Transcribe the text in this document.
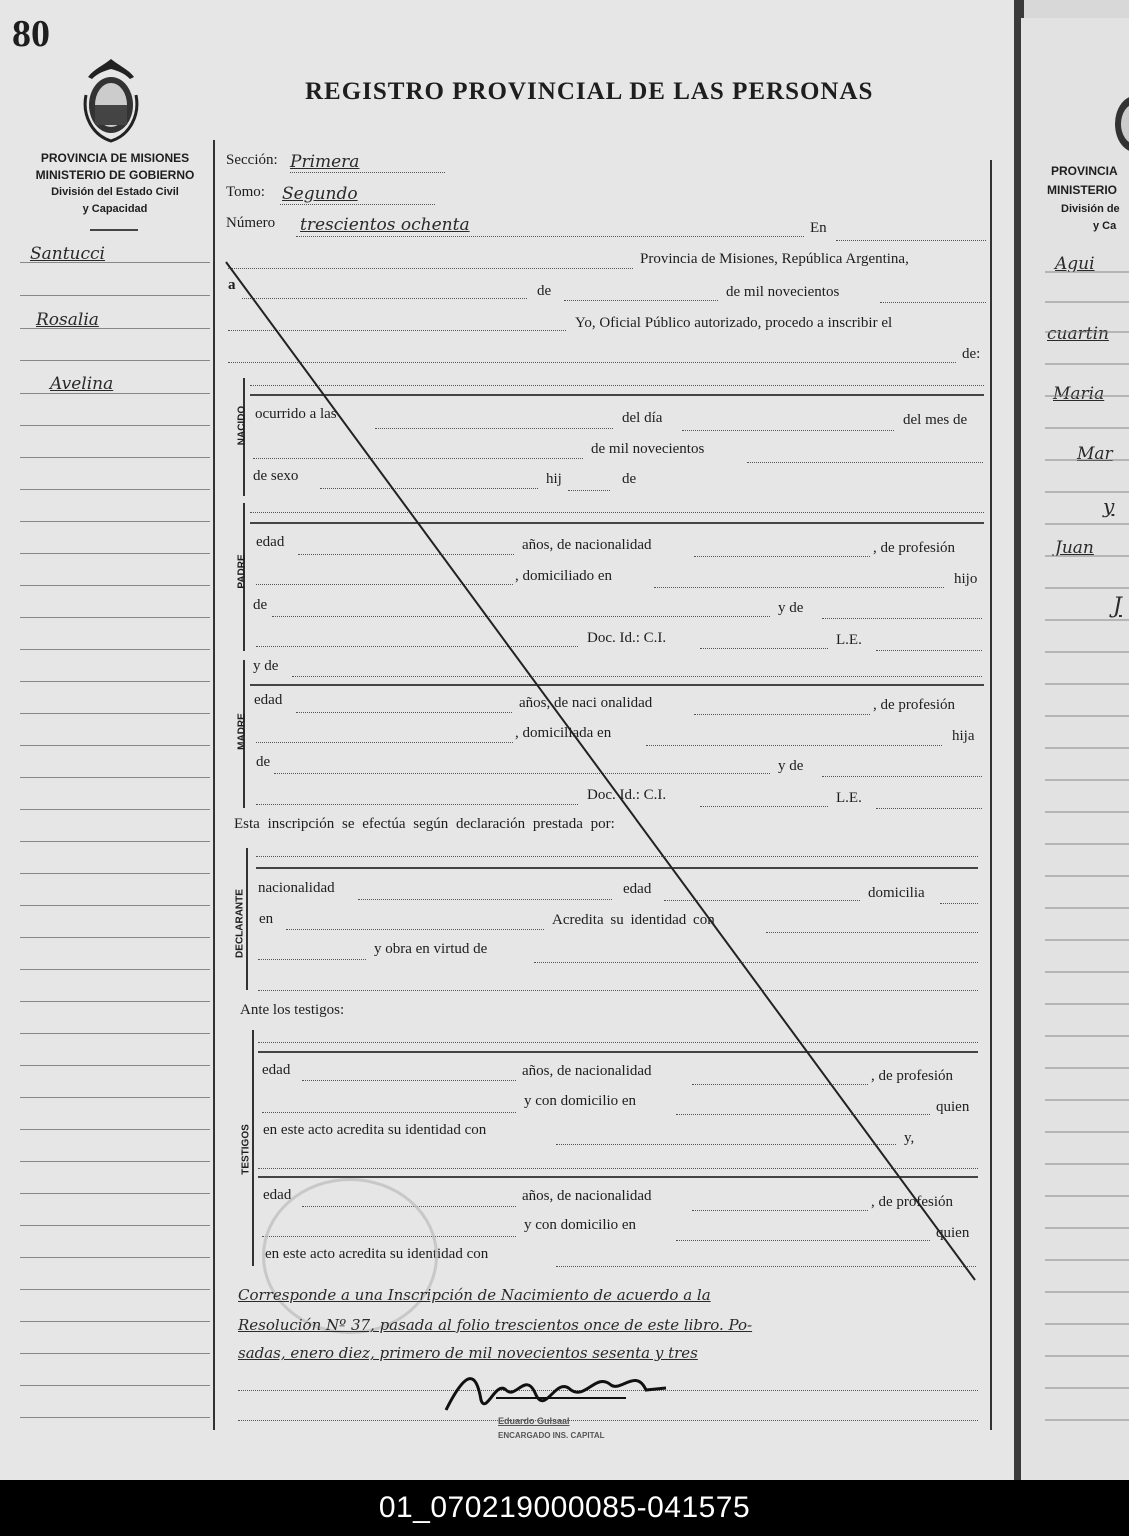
80
REGISTRO PROVINCIAL DE LAS PERSONAS
PROVINCIA DE MISIONES
MINISTERIO DE GOBIERNO
División del Estado Civil
y Capacidad
Santucci
Rosalia
Avelina
Sección: Primera
Tomo: Segundo
Número trescientos ochenta	En
Provincia de Misiones, República Argentina,
a	de	de mil novecientos
Yo, Oficial Público autorizado, procedo a inscribir el
de:
NACIDO ocurrido a las	del día	del mes de
de mil novecientos
de sexo	hij	de
PADRE
edad	años, de nacionalidad	, de profesión
, domiciliado en	hijo
de	y de
Doc. Id.: C.I.	L.E.
MADRE
y de
edad	años, de naci onalidad	, de profesión
, domiciliada en	hija
de	y de
Doc. Id.: C.I.	L.E.
Esta inscripción se efectúa según declaración prestada por:
DECLARANTE
nacionalidad	edad	domicilia
en	Acredita su identidad con
y obra en virtud de
Ante los testigos:
TESTIGOS
edad	años, de nacionalidad	, de profesión
y con domicilio en	quien
en este acto acredita su identidad con	y,
edad	años, de nacionalidad	, de profesión
y con domicilio en	quien
en este acto acredita su identidad con
Corresponde a una Inscripción de Nacimiento de acuerdo a la
Resolución Nº 37, pasada al folio trescientos once de este libro. Po-
sadas, enero diez, primero de mil novecientos sesenta y tres
Eduardo Gulsaal
ENCARGADO INS. CAPITAL
PROVINCIA
MINISTERIO
División de
y Ca
Agui
cuartin
Maria
Mar
y
Juan
J
01_070219000085-041575
